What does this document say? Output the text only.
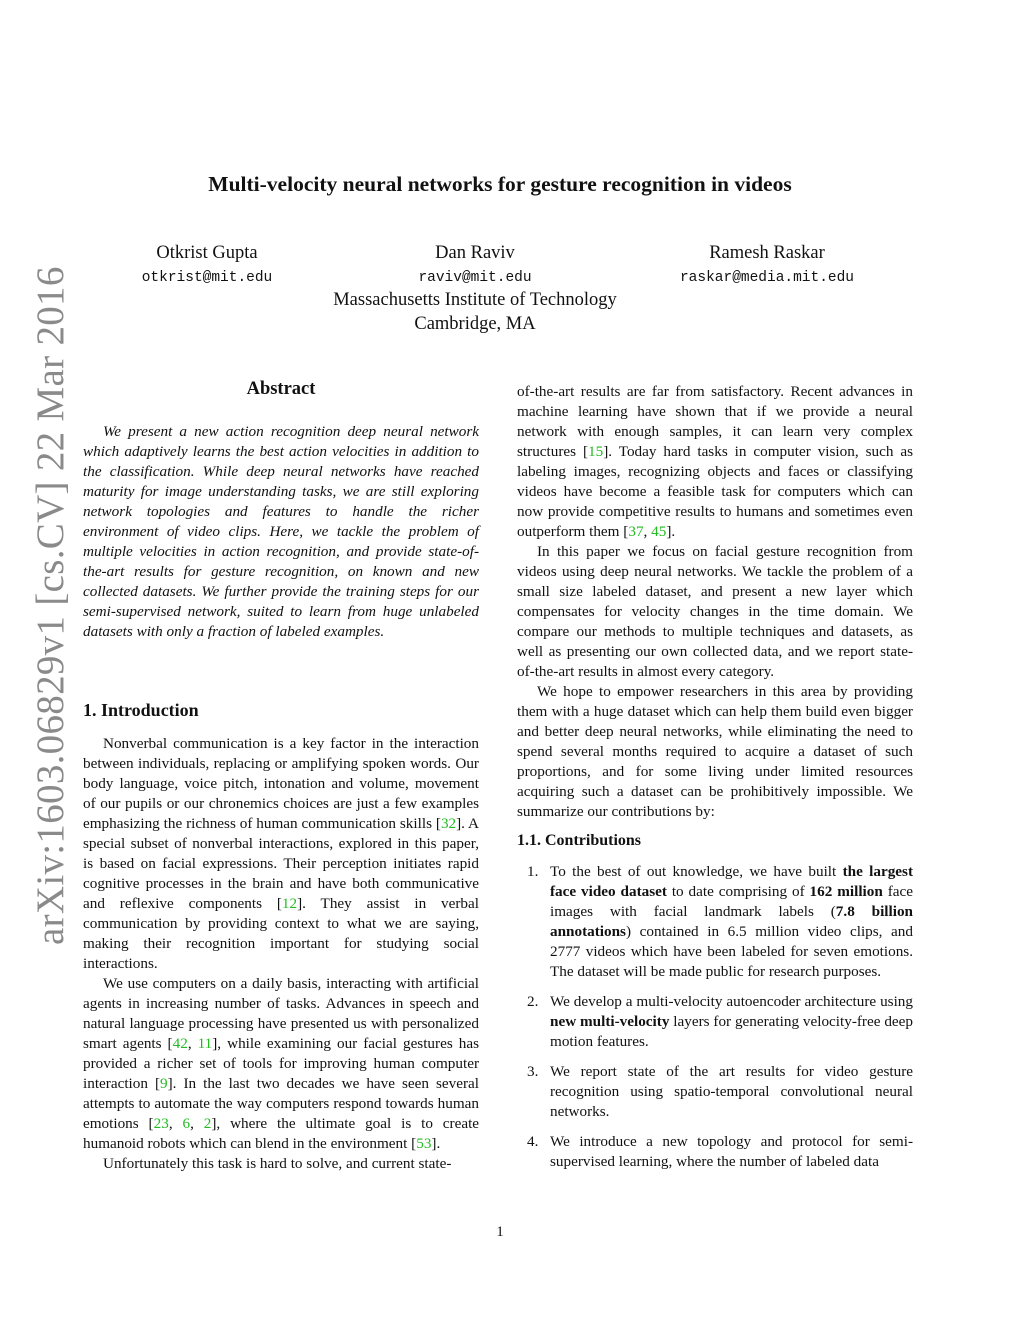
arXiv:1603.06829v1 [cs.CV] 22 Mar 2016
Multi-velocity neural networks for gesture recognition in videos
Otkrist Gupta
otkrist@mit.edu
Dan Raviv
raviv@mit.edu
Ramesh Raskar
raskar@media.mit.edu
Massachusetts Institute of Technology
Cambridge, MA
Abstract

We present a new action recognition deep neural network which adaptively learns the best action velocities in addition to the classification. While deep neural networks have reached maturity for image understanding tasks, we are still exploring network topologies and features to handle the richer environment of video clips. Here, we tackle the problem of multiple velocities in action recognition, and provide state-of-the-art results for gesture recognition, on known and new collected datasets. We further provide the training steps for our semi-supervised network, suited to learn from huge unlabeled datasets with only a fraction of labeled examples.

1. Introduction

Nonverbal communication is a key factor in the interaction between individuals, replacing or amplifying spoken words. Our body language, voice pitch, intonation and volume, movement of our pupils or our chronemics choices are just a few examples emphasizing the richness of human communication skills [32]. A special subset of nonverbal interactions, explored in this paper, is based on facial expressions. Their perception initiates rapid cognitive processes in the brain and have both communicative and reflexive components [12]. They assist in verbal communication by providing context to what we are saying, making their recognition important for studying social interactions.

We use computers on a daily basis, interacting with artificial agents in increasing number of tasks. Advances in speech and natural language processing have presented us with personalized smart agents [42, 11], while examining our facial gestures has provided a richer set of tools for improving human computer interaction [9]. In the last two decades we have seen several attempts to automate the way computers respond towards human emotions [23, 6, 2], where the ultimate goal is to create humanoid robots which can blend in the environment [53].

Unfortunately this task is hard to solve, and current state-

of-the-art results are far from satisfactory. Recent advances in machine learning have shown that if we provide a neural network with enough samples, it can learn very complex structures [15]. Today hard tasks in computer vision, such as labeling images, recognizing objects and faces or classifying videos have become a feasible task for computers which can now provide competitive results to humans and sometimes even outperform them [37, 45].

In this paper we focus on facial gesture recognition from videos using deep neural networks. We tackle the problem of a small size labeled dataset, and present a new layer which compensates for velocity changes in the time domain. We compare our methods to multiple techniques and datasets, as well as presenting our own collected data, and we report state-of-the-art results in almost every category.

We hope to empower researchers in this area by providing them with a huge dataset which can help them build even bigger and better deep neural networks, while eliminating the need to spend several months required to acquire a dataset of such proportions, and for some living under limited resources acquiring such a dataset can be prohibitively impossible. We summarize our contributions by:

1.1. Contributions
1. To the best of out knowledge, we have built the largest face video dataset to date comprising of 162 million face images with facial landmark labels (7.8 billion annotations) contained in 6.5 million video clips, and 2777 videos which have been labeled for seven emotions. The dataset will be made public for research purposes.
2. We develop a multi-velocity autoencoder architecture using new multi-velocity layers for generating velocity-free deep motion features.
3. We report state of the art results for video gesture recognition using spatio-temporal convolutional neural networks.
4. We introduce a new topology and protocol for semi-supervised learning, where the number of labeled data
1
